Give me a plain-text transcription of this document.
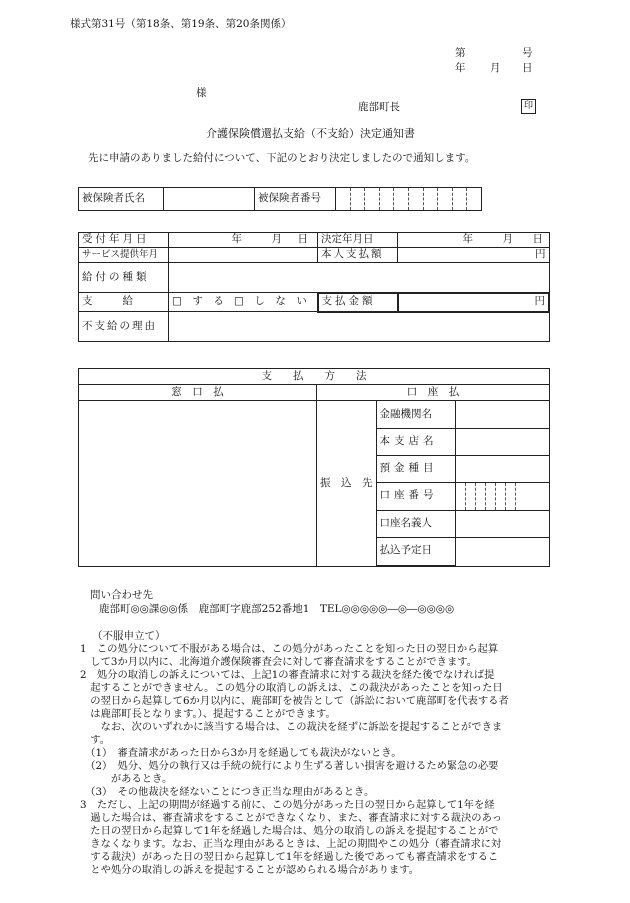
様式第31号（第18条、第19条、第20条関係）
第	号
年 月 日
様
鹿部町長	印
介護保険償還払支給（不支給）決定通知書
先に申請のありました給付について、下記のとおり決定しましたので通知します。
被保険者氏名		被保険者番号	
受付年月日	年 月 日	決定年月日	年 月 日
サービス提供年月		本人支払額	円
給付の種類			
支　　給	□　す　る □　し　な　い	支払金額	円
不支給の理由			
支　　払　　方　　法
窓　口　払	口　座　払
	振　込　先	
金融機関名	
本支店名	
預金種目	
口座番号	

口座名義人	
払込予定日	
問い合わせ先
鹿部町◎◎課◎◎係　鹿部町字鹿部252番地1　TEL◎◎◎◎◎―◎―◎◎◎◎
（不服申立て）

1　この処分について不服がある場合は、この処分があったことを知った日の翌日から起算

　して3か月以内に、北海道介護保険審査会に対して審査請求をすることができます。

2　処分の取消しの訴えについては、上記1の審査請求に対する裁決を経た後でなければ提

　起することができません。この処分の取消しの訴えは、この裁決があったことを知った日

　の翌日から起算して6か月以内に、鹿部町を被告として（訴訟において鹿部町を代表する者

　は鹿部町長となります。）、提起することができます。

　　なお、次のいずれかに該当する場合は、この裁決を経ずに訴訟を提起することができま

　す。

　（1）　審査請求があった日から3か月を経過しても裁決がないとき。

　（2）　処分、処分の執行又は手続の続行により生ずる著しい損害を避けるため緊急の必要

　　　があるとき。

　（3）　その他裁決を経ないことにつき正当な理由があるとき。

3　ただし、上記の期間が経過する前に、この処分があった日の翌日から起算して1年を経

　過した場合は、審査請求をすることができなくなり、また、審査請求に対する裁決のあっ

　た日の翌日から起算して1年を経過した場合は、処分の取消しの訴えを提起することがで

　きなくなります。なお、正当な理由があるときは、上記の期間やこの処分（審査請求に対

　する裁決）があった日の翌日から起算して1年を経過した後であっても審査請求をするこ

　とや処分の取消しの訴えを提起することが認められる場合があります。
